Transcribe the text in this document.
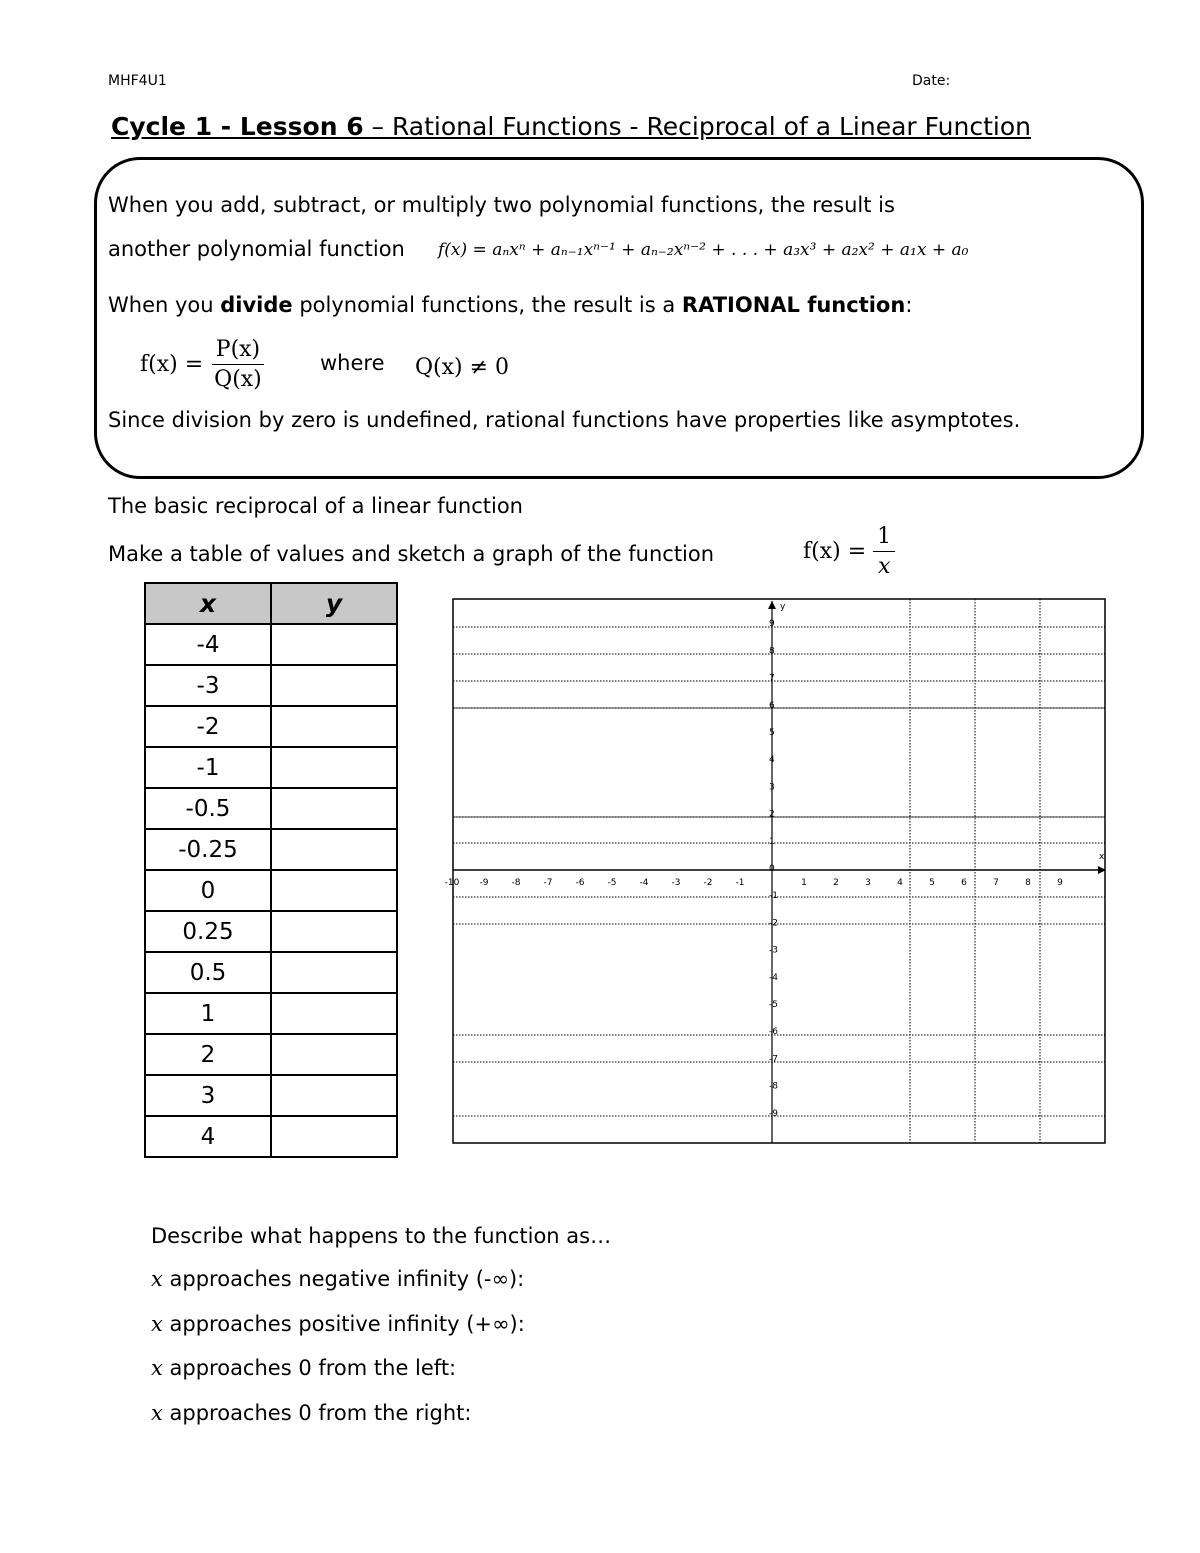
MHF4U1	Date:
Cycle 1 - Lesson 6 – Rational Functions - Reciprocal of a Linear Function
When you add, subtract, or multiply two polynomial functions, the result is
another polynomial function f(x) = aₙxⁿ + aₙ₋₁xⁿ⁻¹ + aₙ₋₂xⁿ⁻² + . . . + a₃x³ + a₂x² + a₁x + a₀
When you divide polynomial functions, the result is a RATIONAL function:
$f(x) = \frac{P(x)}{Q(x)}$	where Q(x) ≠ 0
Since division by zero is undefined, rational functions have properties like asymptotes.
The basic reciprocal of a linear function
Make a table of values and sketch a graph of the function	$f(x) = \frac{1}{x}$
x	y
-4	
-3	
-2	
-1	
-0.5	
-0.25	
0	
0.25	
0.5	
1	
2	
3	
4	
y
x
-10 -9	-8	-7	-6	-5	-4	-3	-2	-1	1	2	3	4	5	6	7	8	9
9
8
7
6
5
4
3
2
1
0
-1
-2
-3
-4
-5
-6
-7
-8
-9
Describe what happens to the function as…
x approaches negative infinity (-∞):
x approaches positive infinity (+∞):
x approaches 0 from the left:
x approaches 0 from the right:
